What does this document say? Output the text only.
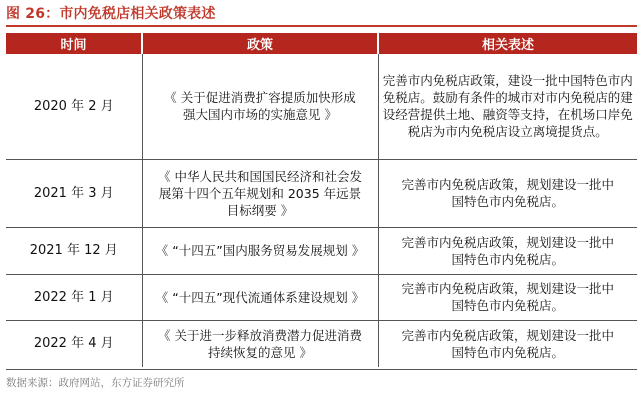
图 26：市内免税店相关政策表述
时间	政策	相关表述
2020 年 2 月	《 关于促进消费扩容提质加快形成强大国内市场的实施意见 》	完善市内免税店政策，建设一批中国特色市内免税店。鼓励有条件的城市对市内免税店的建设经营提供土地、融资等支持，在机场口岸免税店为市内免税店设立离境提货点。
2021 年 3 月	《 中华人民共和国国民经济和社会发展第十四个五年规划和 2035 年远景目标纲要 》	完善市内免税店政策，规划建设一批中国特色市内免税店。
2021 年 12 月	《 “十四五”国内服务贸易发展规划 》	完善市内免税店政策，规划建设一批中国特色市内免税店。
2022 年 1 月	《 “十四五”现代流通体系建设规划 》	完善市内免税店政策，规划建设一批中国特色市内免税店。
2022 年 4 月	《 关于进一步释放消费潜力促进消费持续恢复的意见 》	完善市内免税店政策，规划建设一批中国特色市内免税店。
数据来源：政府网站，东方证券研究所
